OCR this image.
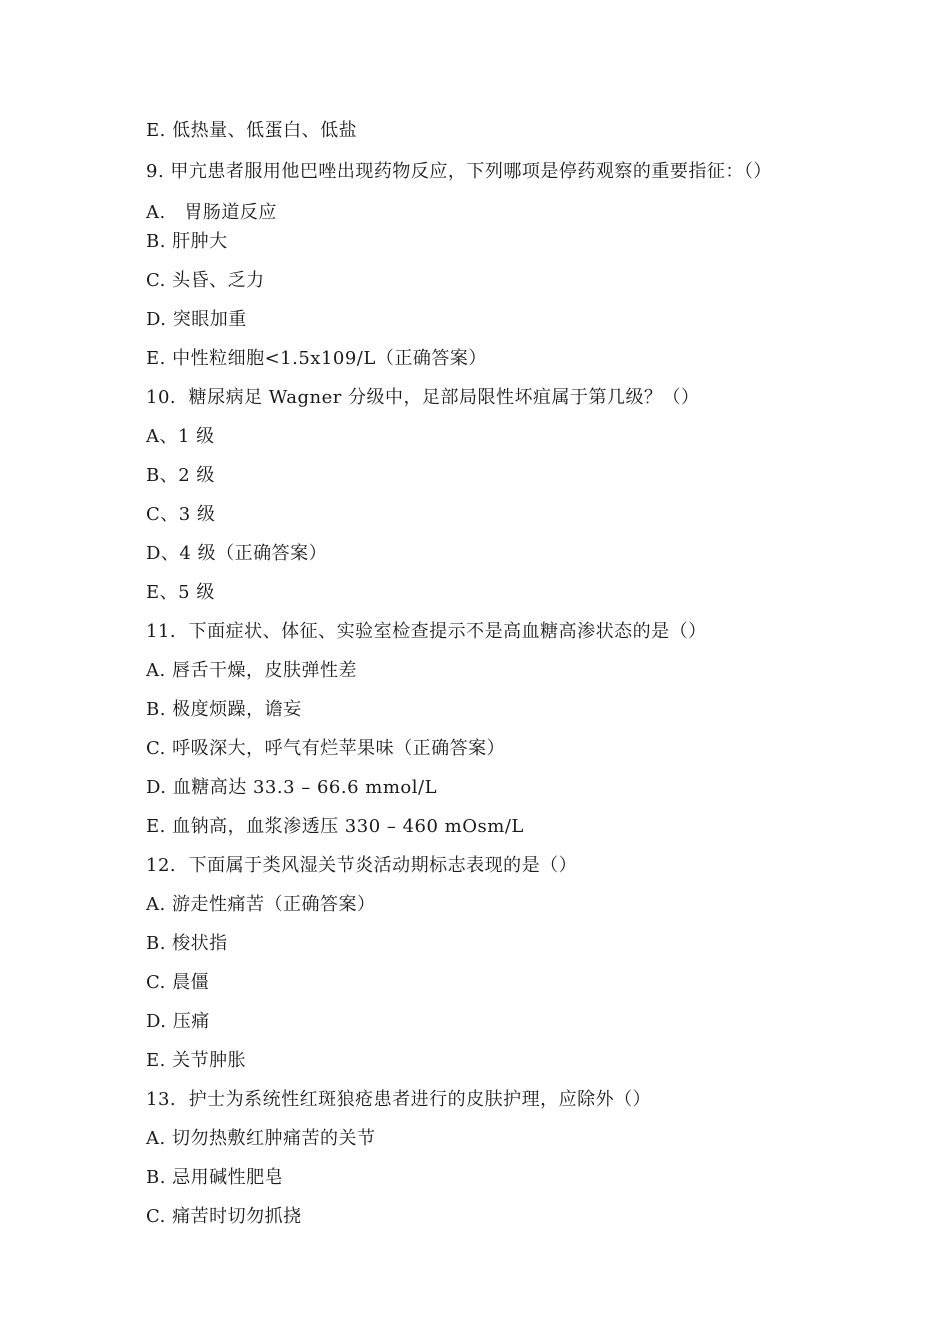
E. 低热量、低蛋白、低盐
9. 甲亢患者服用他巴唑出现药物反应，下列哪项是停药观察的重要指征：（）
A.   胃肠道反应
B. 肝肿大
C. 头昏、乏力
D. 突眼加重
E. 中性粒细胞<1.5x109/L（正确答案）
10.  糖尿病足 Wagner 分级中，足部局限性坏疽属于第几级？（）
A、1 级
B、2 级
C、3 级
D、4 级（正确答案）
E、5 级
11.  下面症状、体征、实验室检查提示不是高血糖高渗状态的是（）
A. 唇舌干燥，皮肤弹性差
B. 极度烦躁，谵妄
C. 呼吸深大，呼气有烂苹果味（正确答案）
D. 血糖高达 33.3 – 66.6 mmol/L
E. 血钠高，血浆渗透压 330 – 460 mOsm/L
12.  下面属于类风湿关节炎活动期标志表现的是（）
A. 游走性痛苦（正确答案）
B. 梭状指
C. 晨僵
D. 压痛
E. 关节肿胀
13.  护士为系统性红斑狼疮患者进行的皮肤护理，应除外（）
A. 切勿热敷红肿痛苦的关节
B. 忌用碱性肥皂
C. 痛苦时切勿抓挠
